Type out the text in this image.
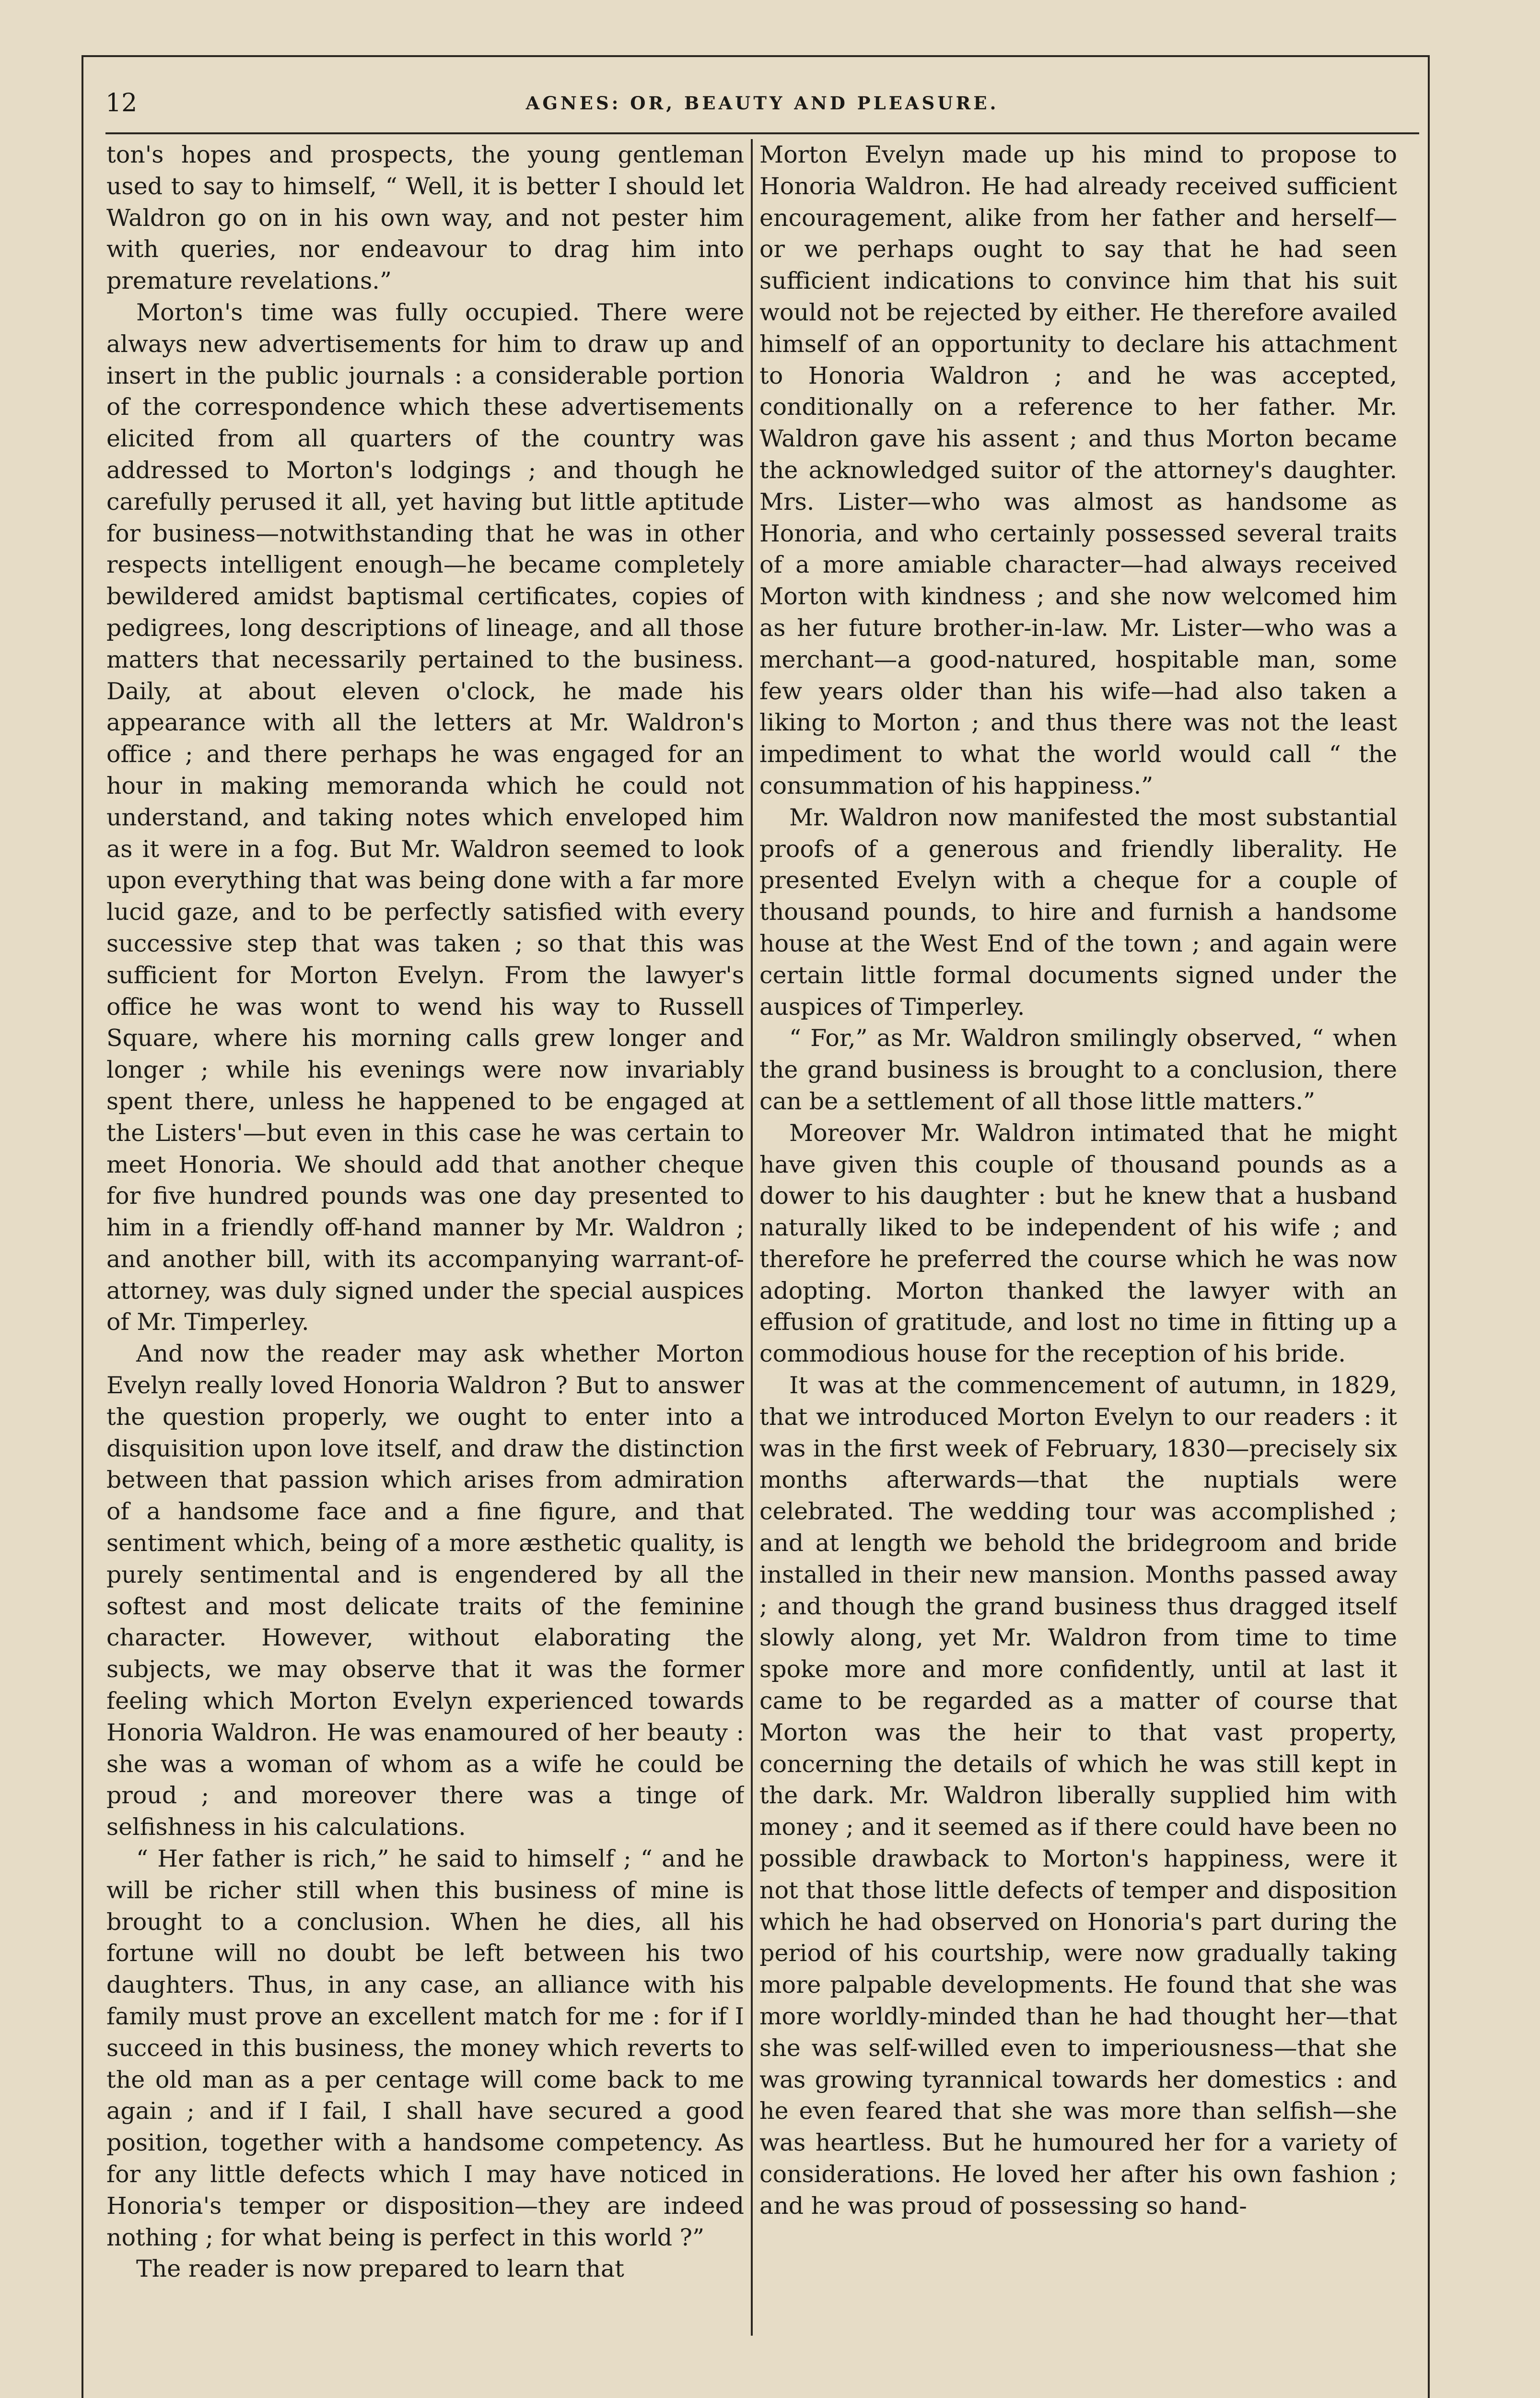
12	AGNES: OR, BEAUTY AND PLEASURE.

ton's hopes and prospects, the young gentleman used to say to himself, “ Well, it is better I should let Waldron go on in his own way, and not pester him with queries, nor endeavour to drag him into premature revelations.”

Morton's time was fully occupied. There were always new advertisements for him to draw up and insert in the public journals : a considerable portion of the correspondence which these advertisements elicited from all quarters of the country was addressed to Morton's lodgings ; and though he carefully perused it all, yet having but little aptitude for business—notwithstanding that he was in other respects intelligent enough—he became completely bewildered amidst baptismal certificates, copies of pedigrees, long descriptions of lineage, and all those matters that necessarily pertained to the business. Daily, at about eleven o'clock, he made his appearance with all the letters at Mr. Waldron's office ; and there perhaps he was engaged for an hour in making memoranda which he could not understand, and taking notes which enveloped him as it were in a fog. But Mr. Waldron seemed to look upon everything that was being done with a far more lucid gaze, and to be perfectly satisfied with every successive step that was taken ; so that this was sufficient for Morton Evelyn. From the lawyer's office he was wont to wend his way to Russell Square, where his morning calls grew longer and longer ; while his evenings were now invariably spent there, unless he happened to be engaged at the Listers'—but even in this case he was certain to meet Honoria. We should add that another cheque for five hundred pounds was one day presented to him in a friendly off-hand manner by Mr. Waldron ; and another bill, with its accompanying warrant-of-attorney, was duly signed under the special auspices of Mr. Timperley.

And now the reader may ask whether Morton Evelyn really loved Honoria Waldron ? But to answer the question properly, we ought to enter into a disquisition upon love itself, and draw the distinction between that passion which arises from admiration of a handsome face and a fine figure, and that sentiment which, being of a more æsthetic quality, is purely sentimental and is engendered by all the softest and most delicate traits of the feminine character. However, without elaborating the subjects, we may observe that it was the former feeling which Morton Evelyn experienced towards Honoria Waldron. He was enamoured of her beauty : she was a woman of whom as a wife he could be proud ; and moreover there was a tinge of selfishness in his calculations.

“ Her father is rich,” he said to himself ; “ and he will be richer still when this business of mine is brought to a conclusion. When he dies, all his fortune will no doubt be left between his two daughters. Thus, in any case, an alliance with his family must prove an excellent match for me : for if I succeed in this business, the money which reverts to the old man as a per centage will come back to me again ; and if I fail, I shall have secured a good position, together with a handsome competency. As for any little defects which I may have noticed in Honoria's temper or disposition—they are indeed nothing ; for what being is perfect in this world ?”

The reader is now prepared to learn that

Morton Evelyn made up his mind to propose to Honoria Waldron. He had already received sufficient encouragement, alike from her father and herself—or we perhaps ought to say that he had seen sufficient indications to convince him that his suit would not be rejected by either. He therefore availed himself of an opportunity to declare his attachment to Honoria Waldron ; and he was accepted, conditionally on a reference to her father. Mr. Waldron gave his assent ; and thus Morton became the acknowledged suitor of the attorney's daughter. Mrs. Lister—who was almost as handsome as Honoria, and who certainly possessed several traits of a more amiable character—had always received Morton with kindness ; and she now welcomed him as her future brother-in-law. Mr. Lister—who was a merchant—a good-natured, hospitable man, some few years older than his wife—had also taken a liking to Morton ; and thus there was not the least impediment to what the world would call “ the consummation of his happiness.”

Mr. Waldron now manifested the most substantial proofs of a generous and friendly liberality. He presented Evelyn with a cheque for a couple of thousand pounds, to hire and furnish a handsome house at the West End of the town ; and again were certain little formal documents signed under the auspices of Timperley.

“ For,” as Mr. Waldron smilingly observed, “ when the grand business is brought to a conclusion, there can be a settlement of all those little matters.”

Moreover Mr. Waldron intimated that he might have given this couple of thousand pounds as a dower to his daughter : but he knew that a husband naturally liked to be independent of his wife ; and therefore he preferred the course which he was now adopting. Morton thanked the lawyer with an effusion of gratitude, and lost no time in fitting up a commodious house for the reception of his bride.

It was at the commencement of autumn, in 1829, that we introduced Morton Evelyn to our readers : it was in the first week of February, 1830—precisely six months afterwards—that the nuptials were celebrated. The wedding tour was accomplished ; and at length we behold the bridegroom and bride installed in their new mansion. Months passed away ; and though the grand business thus dragged itself slowly along, yet Mr. Waldron from time to time spoke more and more confidently, until at last it came to be regarded as a matter of course that Morton was the heir to that vast property, concerning the details of which he was still kept in the dark. Mr. Waldron liberally supplied him with money ; and it seemed as if there could have been no possible drawback to Morton's happiness, were it not that those little defects of temper and disposition which he had observed on Honoria's part during the period of his courtship, were now gradually taking more palpable developments. He found that she was more worldly-minded than he had thought her—that she was self-willed even to imperiousness—that she was growing tyrannical towards her domestics : and he even feared that she was more than selfish—she was heartless. But he humoured her for a variety of considerations. He loved her after his own fashion ; and he was proud of possessing so hand-
